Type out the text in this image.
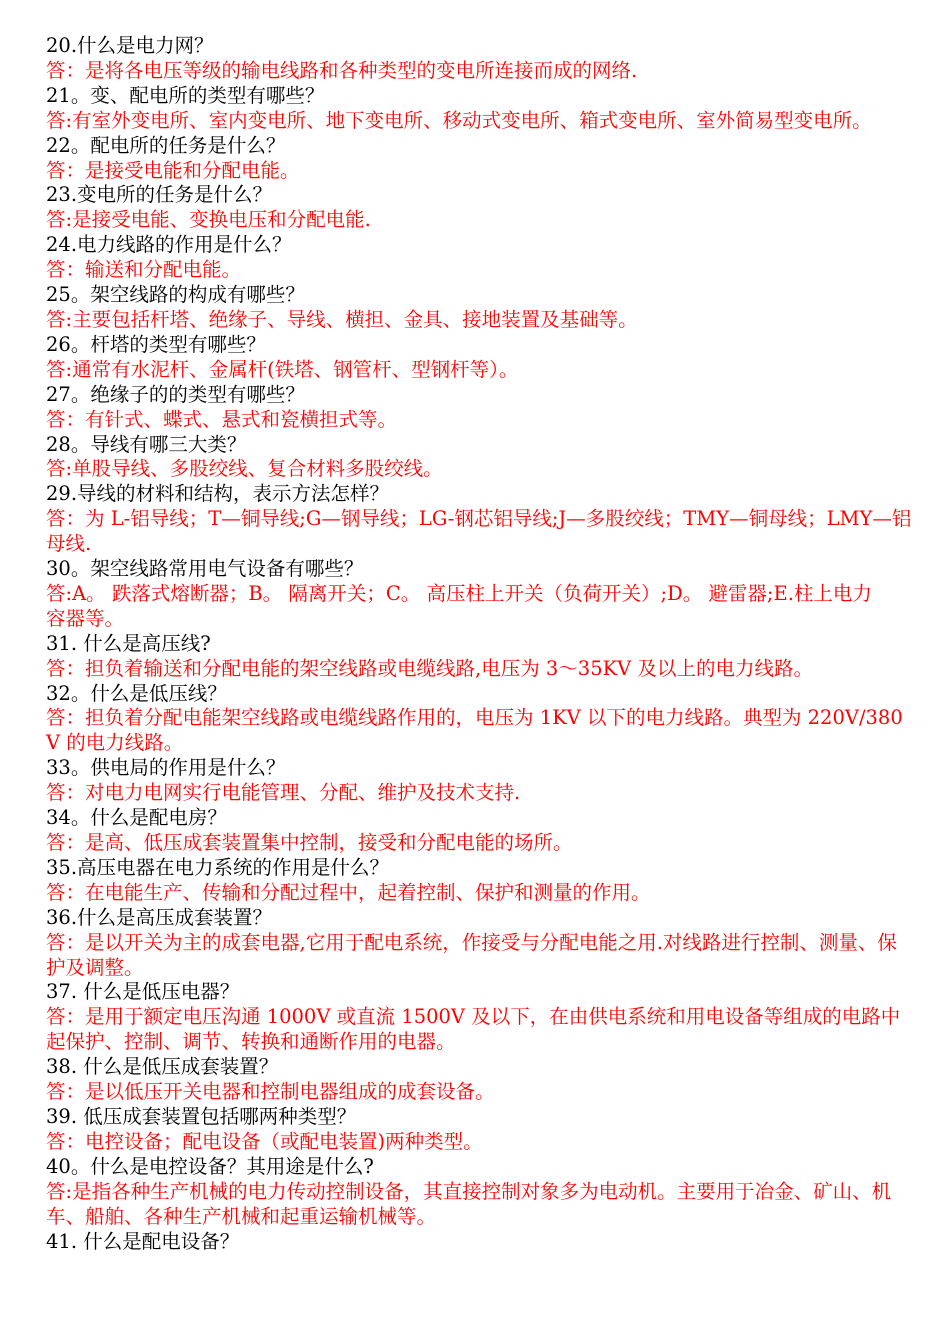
20.什么是电力网？

答：是将各电压等级的输电线路和各种类型的变电所连接而成的网络.

21。变、配电所的类型有哪些？

答:有室外变电所、室内变电所、地下变电所、移动式变电所、箱式变电所、室外简易型变电所。

22。配电所的任务是什么？

答：是接受电能和分配电能。

23.变电所的任务是什么？

答:是接受电能、变换电压和分配电能.

24.电力线路的作用是什么？

答：输送和分配电能。

25。架空线路的构成有哪些？

答:主要包括杆塔、绝缘子、导线、横担、金具、接地装置及基础等。

26。杆塔的类型有哪些？

答:通常有水泥杆、金属杆(铁塔、钢管杆、型钢杆等）。

27。绝缘子的的类型有哪些？

答：有针式、蝶式、悬式和瓷横担式等。

28。导线有哪三大类？

答:单股导线、多股绞线、复合材料多股绞线。

29.导线的材料和结构，表示方法怎样？

答：为 L-铝导线；T—铜导线;G—钢导线；LG-钢芯铝导线;J—多股绞线；TMY—铜母线；LMY—铝母线.

30。架空线路常用电气设备有哪些？

答:A。 跌落式熔断器；B。 隔离开关；C。 高压柱上开关（负荷开关）;D。 避雷器;E.柱上电力

容器等。

31. 什么是高压线?

答：担负着输送和分配电能的架空线路或电缆线路,电压为 3～35KV 及以上的电力线路。

32。什么是低压线？

答：担负着分配电能架空线路或电缆线路作用的，电压为 1KV 以下的电力线路。典型为 220V/380V 的电力线路。

33。供电局的作用是什么？

答：对电力电网实行电能管理、分配、维护及技术支持.

34。什么是配电房？

答：是高、低压成套装置集中控制，接受和分配电能的场所。

35.高压电器在电力系统的作用是什么？

答：在电能生产、传输和分配过程中，起着控制、保护和测量的作用。

36.什么是高压成套装置？

答：是以开关为主的成套电器,它用于配电系统，作接受与分配电能之用.对线路进行控制、测量、保护及调整。

37. 什么是低压电器？

答：是用于额定电压沟通 1000V 或直流 1500V 及以下，在由供电系统和用电设备等组成的电路中起保护、控制、调节、转换和通断作用的电器。

38. 什么是低压成套装置？

答：是以低压开关电器和控制电器组成的成套设备。

39. 低压成套装置包括哪两种类型？

答：电控设备；配电设备（或配电装置)两种类型。

40。什么是电控设备？其用途是什么?

答:是指各种生产机械的电力传动控制设备，其直接控制对象多为电动机。主要用于冶金、矿山、机车、船舶、各种生产机械和起重运输机械等。

41. 什么是配电设备？
